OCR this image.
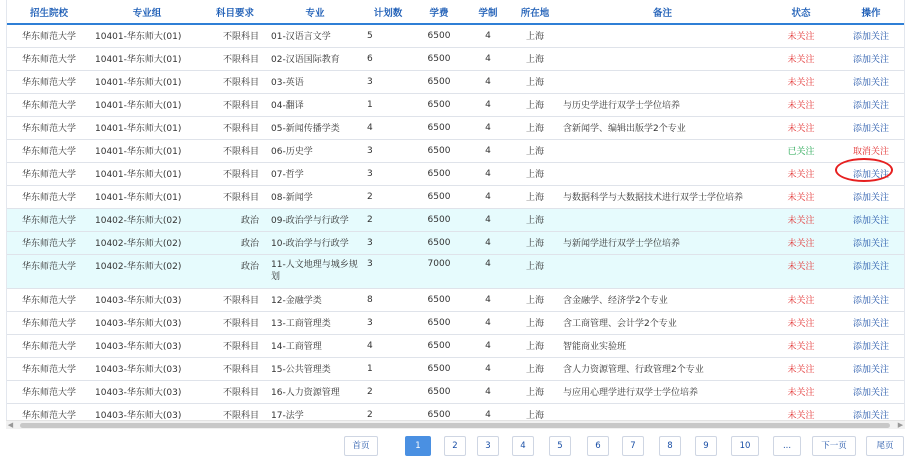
招生院校	专业组	科目要求	专业	计划数	学费	学制	所在地	备注	状态	操作
华东师范大学	10401-华东师大(01)	不限科目	01-汉语言文学	5	6500	4	上海		未关注	添加关注
华东师范大学	10401-华东师大(01)	不限科目	02-汉语国际教育	6	6500	4	上海		未关注	添加关注
华东师范大学	10401-华东师大(01)	不限科目	03-英语	3	6500	4	上海		未关注	添加关注
华东师范大学	10401-华东师大(01)	不限科目	04-翻译	1	6500	4	上海	与历史学进行双学士学位培养	未关注	添加关注
华东师范大学	10401-华东师大(01)	不限科目	05-新闻传播学类	4	6500	4	上海	含新闻学、编辑出版学2个专业	未关注	添加关注
华东师范大学	10401-华东师大(01)	不限科目	06-历史学	3	6500	4	上海		已关注	取消关注
华东师范大学	10401-华东师大(01)	不限科目	07-哲学	3	6500	4	上海		未关注	添加关注
华东师范大学	10401-华东师大(01)	不限科目	08-新闻学	2	6500	4	上海	与数据科学与大数据技术进行双学士学位培养	未关注	添加关注
华东师范大学	10402-华东师大(02)	政治	09-政治学与行政学	2	6500	4	上海		未关注	添加关注
华东师范大学	10402-华东师大(02)	政治	10-政治学与行政学	3	6500	4	上海	与新闻学进行双学士学位培养	未关注	添加关注
华东师范大学	10402-华东师大(02)	政治	11-人文地理与城乡规划	3	7000	4	上海		未关注	添加关注
华东师范大学	10403-华东师大(03)	不限科目	12-金融学类	8	6500	4	上海	含金融学、经济学2个专业	未关注	添加关注
华东师范大学	10403-华东师大(03)	不限科目	13-工商管理类	3	6500	4	上海	含工商管理、会计学2个专业	未关注	添加关注
华东师范大学	10403-华东师大(03)	不限科目	14-工商管理	4	6500	4	上海	智能商业实验班	未关注	添加关注
华东师范大学	10403-华东师大(03)	不限科目	15-公共管理类	1	6500	4	上海	含人力资源管理、行政管理2个专业	未关注	添加关注
华东师范大学	10403-华东师大(03)	不限科目	16-人力资源管理	2	6500	4	上海	与应用心理学进行双学士学位培养	未关注	添加关注
华东师范大学	10403-华东师大(03)	不限科目	17-法学	2	6500	4	上海		未关注	添加关注
◀	▶
首页	1	2	3	4	5	6	7	8	9	10	...	下一页	尾页
